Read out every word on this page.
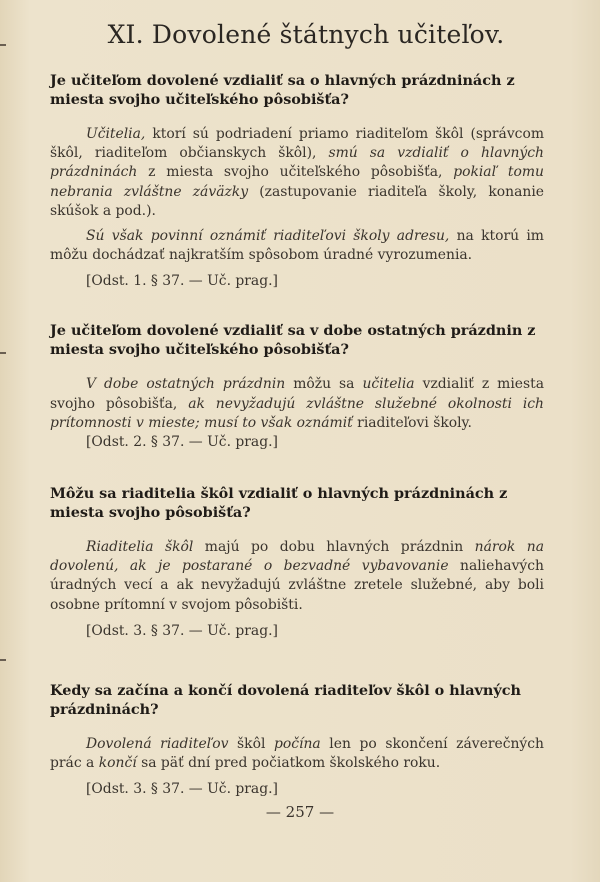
XI. Dovolené štátnych učiteľov.

Je učiteľom dovolené vzdialiť sa o hlavných prázdninách z miesta svojho učiteľského pôsobišťa?

Učitelia, ktorí sú podriadení priamo riaditeľom škôl (správcom škôl, riaditeľom občianskych škôl), smú sa vzdialiť o hlavných prázdninách z miesta svojho učiteľského pôsobišťa, pokiaľ tomu nebrania zvláštne záväzky (zastupovanie riaditeľa školy, konanie skúšok a pod.).

Sú však povinní oznámiť riaditeľovi školy adresu, na ktorú im môžu dochádzať najkratším spôsobom úradné vyrozumenia.

[Odst. 1. § 37. — Uč. prag.]

Je učiteľom dovolené vzdialiť sa v dobe ostatných prázdnin z miesta svojho učiteľského pôsobišťa?

V dobe ostatných prázdnin môžu sa učitelia vzdialiť z miesta svojho pôsobišťa, ak nevyžadujú zvláštne služebné okolnosti ich prítomnosti v mieste; musí to však oznámiť riaditeľovi školy.

[Odst. 2. § 37. — Uč. prag.]

Môžu sa riaditelia škôl vzdialiť o hlavných prázdninách z miesta svojho pôsobišťa?

Riaditelia škôl majú po dobu hlavných prázdnin nárok na dovolenú, ak je postarané o bezvadné vybavovanie naliehavých úradných vecí a ak nevyžadujú zvláštne zretele služebné, aby boli osobne prítomní v svojom pôsobišti.

[Odst. 3. § 37. — Uč. prag.]

Kedy sa začína a končí dovolená riaditeľov škôl o hlavných prázdninách?

Dovolená riaditeľov škôl počína len po skončení záverečných prác a končí sa päť dní pred počiatkom školského roku.

[Odst. 3. § 37. — Uč. prag.]

— 257 —
